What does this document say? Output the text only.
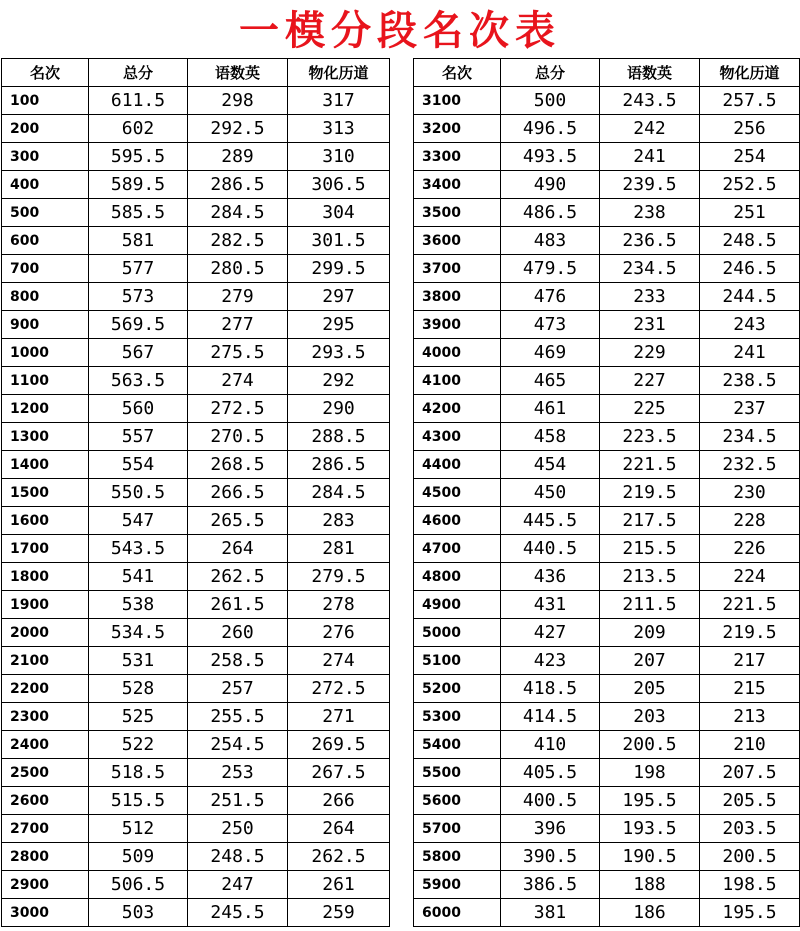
一模分段名次表
名次	总分	语数英	物化历道
100	611.5	298	317
200	602	292.5	313
300	595.5	289	310
400	589.5	286.5	306.5
500	585.5	284.5	304
600	581	282.5	301.5
700	577	280.5	299.5
800	573	279	297
900	569.5	277	295
1000	567	275.5	293.5
1100	563.5	274	292
1200	560	272.5	290
1300	557	270.5	288.5
1400	554	268.5	286.5
1500	550.5	266.5	284.5
1600	547	265.5	283
1700	543.5	264	281
1800	541	262.5	279.5
1900	538	261.5	278
2000	534.5	260	276
2100	531	258.5	274
2200	528	257	272.5
2300	525	255.5	271
2400	522	254.5	269.5
2500	518.5	253	267.5
2600	515.5	251.5	266
2700	512	250	264
2800	509	248.5	262.5
2900	506.5	247	261
3000	503	245.5	259
名次	总分	语数英	物化历道
3100	500	243.5	257.5
3200	496.5	242	256
3300	493.5	241	254
3400	490	239.5	252.5
3500	486.5	238	251
3600	483	236.5	248.5
3700	479.5	234.5	246.5
3800	476	233	244.5
3900	473	231	243
4000	469	229	241
4100	465	227	238.5
4200	461	225	237
4300	458	223.5	234.5
4400	454	221.5	232.5
4500	450	219.5	230
4600	445.5	217.5	228
4700	440.5	215.5	226
4800	436	213.5	224
4900	431	211.5	221.5
5000	427	209	219.5
5100	423	207	217
5200	418.5	205	215
5300	414.5	203	213
5400	410	200.5	210
5500	405.5	198	207.5
5600	400.5	195.5	205.5
5700	396	193.5	203.5
5800	390.5	190.5	200.5
5900	386.5	188	198.5
6000	381	186	195.5
